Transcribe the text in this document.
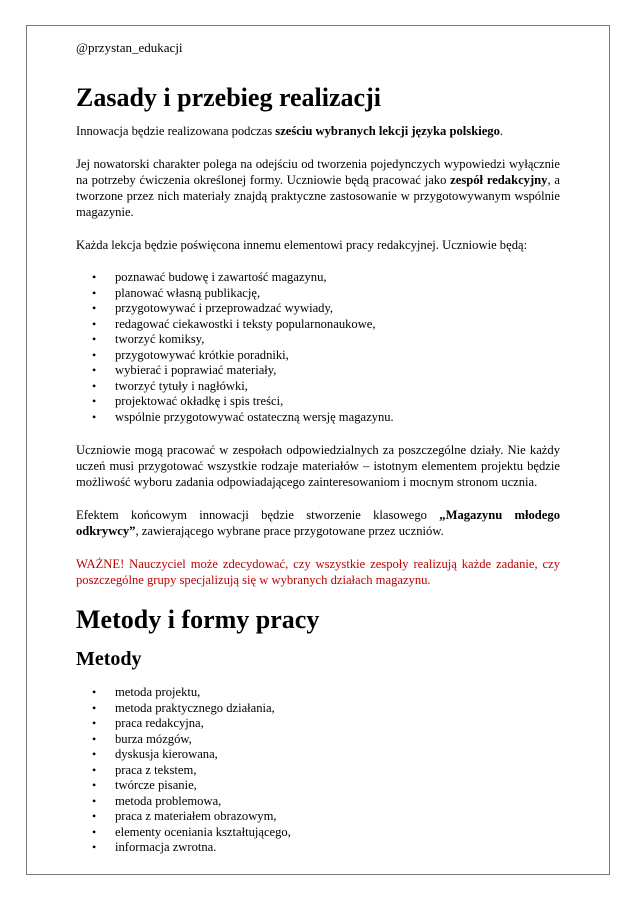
@przystan_edukacji

Zasady i przebieg realizacji

Innowacja będzie realizowana podczas sześciu wybranych lekcji języka polskiego.

Jej nowatorski charakter polega na odejściu od tworzenia pojedynczych wypowiedzi wyłącznie na potrzeby ćwiczenia określonej formy. Uczniowie będą pracować jako zespół redakcyjny, a tworzone przez nich materiały znajdą praktyczne zastosowanie w przygotowywanym wspólnie magazynie.

Każda lekcja będzie poświęcona innemu elementowi pracy redakcyjnej. Uczniowie będą:

• poznawać budowę i zawartość magazynu,
• planować własną publikację,
• przygotowywać i przeprowadzać wywiady,
• redagować ciekawostki i teksty popularnonaukowe,
• tworzyć komiksy,
• przygotowywać krótkie poradniki,
• wybierać i poprawiać materiały,
• tworzyć tytuły i nagłówki,
• projektować okładkę i spis treści,
• wspólnie przygotowywać ostateczną wersję magazynu.

Uczniowie mogą pracować w zespołach odpowiedzialnych za poszczególne działy. Nie każdy uczeń musi przygotować wszystkie rodzaje materiałów – istotnym elementem projektu będzie możliwość wyboru zadania odpowiadającego zainteresowaniom i mocnym stronom ucznia.

Efektem końcowym innowacji będzie stworzenie klasowego „Magazynu młodego odkrywcy”, zawierającego wybrane prace przygotowane przez uczniów.

WAŻNE! Nauczyciel może zdecydować, czy wszystkie zespoły realizują każde zadanie, czy poszczególne grupy specjalizują się w wybranych działach magazynu.

Metody i formy pracy
Metody
• metoda projektu,
• metoda praktycznego działania,
• praca redakcyjna,
• burza mózgów,
• dyskusja kierowana,
• praca z tekstem,
• twórcze pisanie,
• metoda problemowa,
• praca z materiałem obrazowym,
• elementy oceniania kształtującego,
• informacja zwrotna.
